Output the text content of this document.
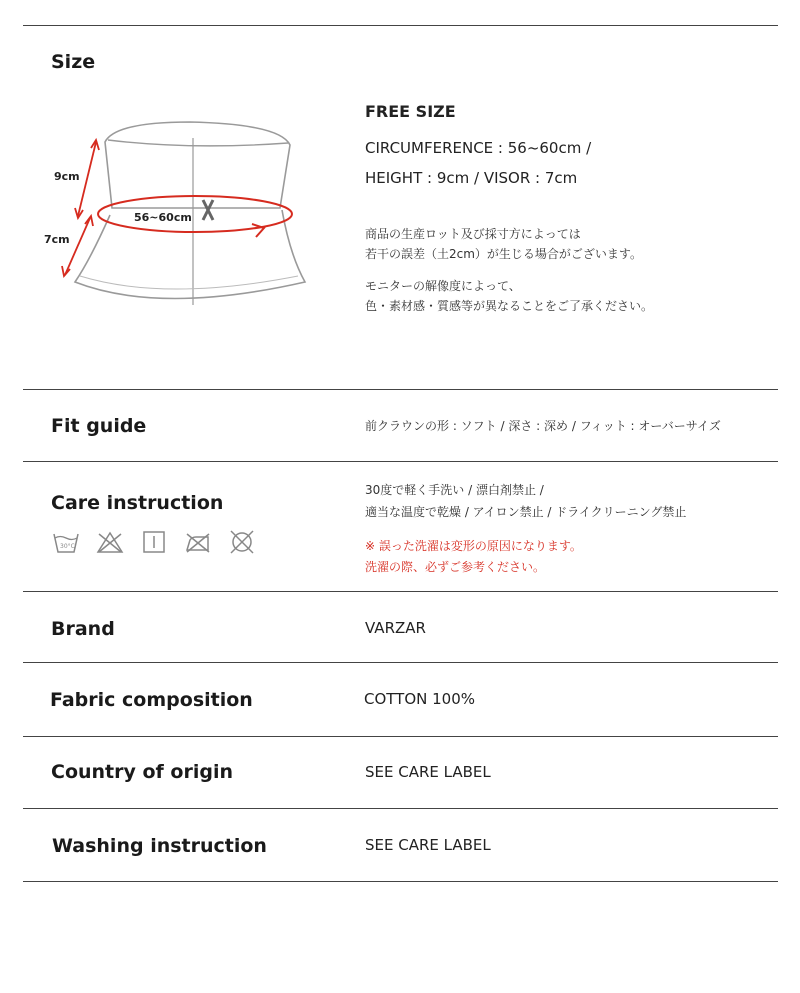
Size
9cm
7cm
56~60cm
FREE SIZE
CIRCUMFERENCE : 56~60cm /
HEIGHT : 9cm / VISOR : 7cm
商品の生産ロット及び採寸方によっては
若干の誤差（土2cm）が生じる場合がございます。
モニターの解像度によって、
色・素材感・質感等が異なることをご了承ください。
Fit guide	前クラウンの形 : ソフト / 深さ : 深め / フィット : オーバーサイズ
Care instruction
30°C
30度で軽く手洗い / 漂白剤禁止 /
適当な温度で乾燥 / アイロン禁止 / ドライクリーニング禁止
※ 誤った洗濯は変形の原因になります。
洗濯の際、必ずご参考ください。
Brand	VARZAR
Fabric composition	COTTON 100%
Country of origin	SEE CARE LABEL
Washing instruction	SEE CARE LABEL
